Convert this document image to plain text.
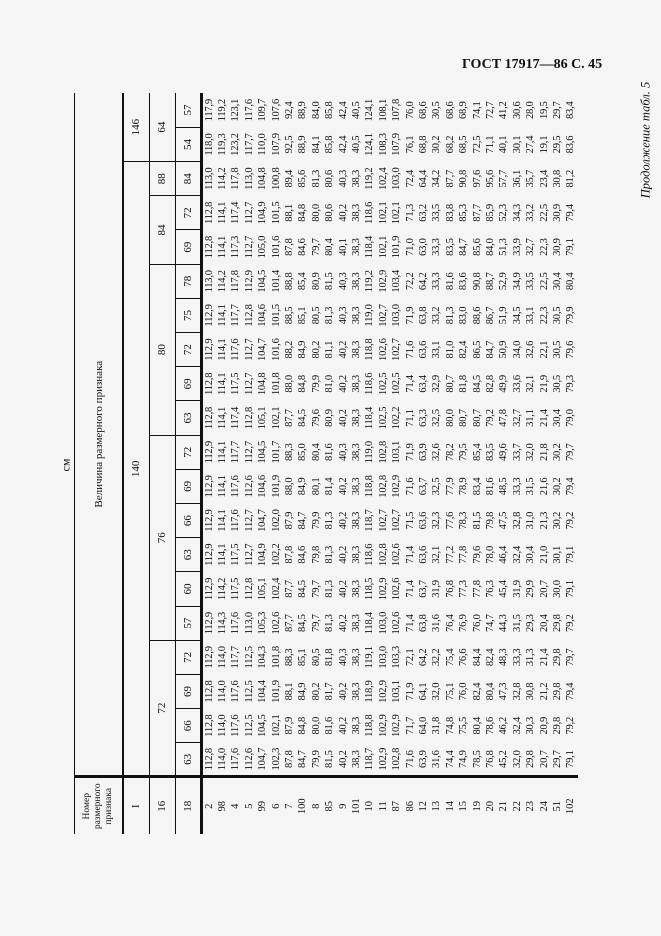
ГОСТ 17917—86 С. 45
Продолжение табл. 5
см
Номер размерного признака	Величина размерного признака																			
I	140																		146	
16	72				76						80					84		88	64	
18	63	66	69	72	57	60	63	66	69	72	63	69	72	75	78	69	72	84	54	57
2	112,8	112,8	112,8	112,9	112,9	112,9	112,9	112,9	112,9	112,9	112,8	112,8	112,9	112,9	113,0	112,8	112,8	113,0	118,0	117,9
98	114,0	114,0	114,0	114,0	114,3	114,2	114,1	114,1	114,1	114,1	114,1	114,1	114,1	114,1	114,2	114,1	114,1	114,2	119,3	119,2
4	117,6	117,6	117,6	117,7	117,6	117,5	117,5	117,6	117,6	117,7	117,4	117,5	117,6	117,7	117,8	117,3	117,4	117,8	123,2	123,1
5	112,6	112,5	112,5	112,5	113,0	112,8	112,7	112,7	112,6	112,7	112,8	112,7	112,7	112,8	112,9	112,7	112,7	113,0	117,7	117,6
99	104,7	104,5	104,4	104,3	105,3	105,1	104,9	104,7	104,6	104,5	105,1	104,8	104,7	104,6	104,5	105,0	104,9	104,8	110,0	109,7
6	102,3	102,1	101,9	101,8	102,6	102,4	102,2	102,0	101,9	101,7	102,1	101,8	101,6	101,5	101,4	101,6	101,5	100,8	107,9	107,6
7	87,8	87,9	88,1	88,3	87,7	87,7	87,8	87,9	88,0	88,3	87,7	88,0	88,2	88,5	88,8	87,8	88,1	89,4	92,5	92,4
100	84,7	84,8	84,9	85,1	84,5	84,5	84,6	84,7	84,9	85,0	84,5	84,8	84,9	85,1	85,4	84,6	84,8	85,6	88,9	88,9
8	79,9	80,0	80,2	80,5	79,7	79,7	79,8	79,9	80,1	80,4	79,6	79,9	80,2	80,5	80,9	79,7	80,0	81,3	84,1	84,0
85	81,5	81,6	81,7	81,8	81,3	81,3	81,3	81,3	81,4	81,6	80,9	81,0	81,1	81,3	81,5	80,4	80,6	80,6	85,8	85,8
9	40,2	40,2	40,2	40,3	40,2	40,2	40,2	40,2	40,2	40,3	40,2	40,2	40,2	40,3	40,3	40,1	40,2	40,3	42,4	42,4
101	38,3	38,3	38,3	38,3	38,3	38,3	38,3	38,3	38,3	38,3	38,3	38,3	38,3	38,3	38,3	38,3	38,3	38,3	40,5	40,5
10	118,7	118,8	118,9	119,1	118,4	118,5	118,6	118,7	118,8	119,0	118,4	118,6	118,8	119,0	119,2	118,4	118,6	119,2	124,1	124,1
11	102,9	102,9	102,9	103,0	103,0	102,9	102,8	102,7	102,8	102,8	102,5	102,5	102,6	102,7	102,9	102,1	102,1	102,4	108,3	108,1
87	102,8	102,9	103,1	103,3	102,6	102,6	102,6	102,7	102,9	103,1	102,2	102,5	102,7	103,0	103,4	101,9	102,1	103,0	107,9	107,8
86	71,6	71,7	71,9	72,1	71,4	71,4	71,4	71,5	71,6	71,9	71,1	71,4	71,6	71,9	72,2	71,0	71,3	72,4	76,1	76,0
12	63,9	64,0	64,1	64,2	63,8	63,7	63,6	63,6	63,7	63,9	63,3	63,4	63,6	63,8	64,2	63,0	63,2	64,4	68,8	68,6
13	31,6	31,8	32,0	32,2	31,6	31,9	32,1	32,3	32,5	32,6	32,5	32,9	33,1	33,2	33,3	33,3	33,5	34,2	30,2	30,5
14	74,4	74,8	75,1	75,4	76,4	76,8	77,2	77,6	77,9	78,2	80,0	80,7	81,0	81,3	81,6	83,5	83,8	87,7	68,2	68,6
15	74,9	75,5	76,0	76,6	76,9	77,3	77,8	78,3	78,9	79,5	80,7	81,8	82,4	83,0	83,6	84,7	85,3	90,8	68,5	68,9
19	78,5	80,4	82,4	84,4	76,0	77,8	79,6	81,5	83,4	85,4	80,7	84,5	86,5	88,6	90,8	85,6	87,7	97,6	72,5	74,1
20	76,8	78,6	80,4	82,4	74,7	76,3	78,0	79,8	81,6	83,5	79,2	82,8	84,7	86,7	88,7	84,0	85,9	95,6	71,1	72,7
21	45,2	46,2	47,3	48,3	44,3	45,4	46,4	47,5	48,5	49,6	47,8	49,9	50,9	51,9	52,9	51,3	52,3	57,7	40,1	41,2
22	32,0	32,4	32,8	33,3	31,5	31,9	32,4	32,8	33,3	33,7	32,7	33,6	34,0	34,5	34,9	33,9	34,3	36,1	30,1	30,6
23	29,8	30,3	30,8	31,3	29,3	29,9	30,4	31,0	31,5	32,0	31,1	32,1	32,6	33,1	33,5	32,7	33,2	35,7	27,4	28,0
24	20,7	20,9	21,2	21,4	20,4	20,7	21,0	21,3	21,6	21,8	21,4	21,9	22,1	22,3	22,5	22,3	22,5	23,4	19,1	19,5
51	29,7	29,8	29,8	29,8	29,8	30,0	30,1	30,2	30,2	30,2	30,4	30,5	30,5	30,5	30,4	30,9	30,9	30,8	29,5	29,7
102	79,1	79,2	79,4	79,7	79,2	79,1	79,1	79,2	79,4	79,7	79,0	79,3	79,6	79,9	80,4	79,1	79,4	81,2	83,6	83,4
